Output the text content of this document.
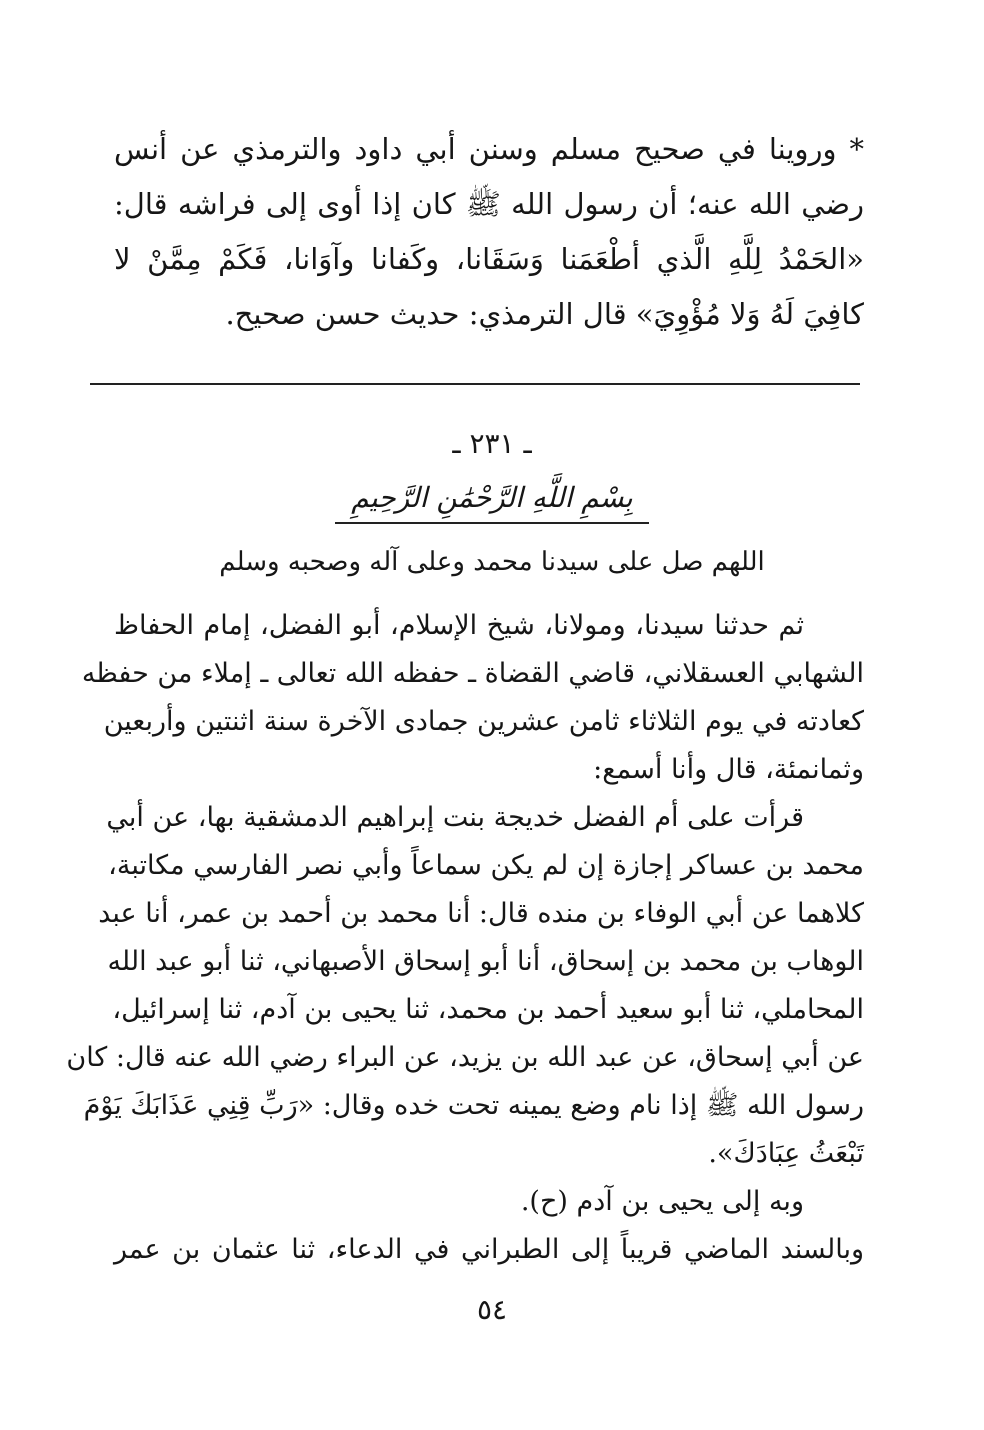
* وروينا في صحيح مسلم وسنن أبي داود والترمذي عن أنس
رضي الله عنه؛ أن رسول الله ﷺ كان إذا أوى إلى فراشه قال:
«الحَمْدُ لِلَّهِ الَّذي أطْعَمَنا وَسَقَانا، وكَفانا وآوَانا، فَكَمْ مِمَّنْ لا
كافِيَ لَهُ وَلا مُؤْوِيَ» قال الترمذي: حديث حسن صحيح.
ـ ٢٣١ ـ
بِسْمِ اللَّهِ الرَّحْمَٰنِ الرَّحِيمِ
اللهم صل على سيدنا محمد وعلى آله وصحبه وسلم
ثم حدثنا سيدنا، ومولانا، شيخ الإسلام، أبو الفضل، إمام الحفاظ
الشهابي العسقلاني، قاضي القضاة ـ حفظه الله تعالى ـ إملاء من حفظه
كعادته في يوم الثلاثاء ثامن عشرين جمادى الآخرة سنة اثنتين وأربعين
وثمانمئة، قال وأنا أسمع:
قرأت على أم الفضل خديجة بنت إبراهيم الدمشقية بها، عن أبي
محمد بن عساكر إجازة إن لم يكن سماعاً وأبي نصر الفارسي مكاتبة،
كلاهما عن أبي الوفاء بن منده قال: أنا محمد بن أحمد بن عمر، أنا عبد
الوهاب بن محمد بن إسحاق، أنا أبو إسحاق الأصبهاني، ثنا أبو عبد الله
المحاملي، ثنا أبو سعيد أحمد بن محمد، ثنا يحيى بن آدم، ثنا إسرائيل،
عن أبي إسحاق، عن عبد الله بن يزيد، عن البراء رضي الله عنه قال: كان
رسول الله ﷺ إذا نام وضع يمينه تحت خده وقال: «رَبِّ قِنِي عَذَابَكَ يَوْمَ
تَبْعَثُ عِبَادَكَ».
وبه إلى يحيى بن آدم (ح).
وبالسند الماضي قريباً إلى الطبراني في الدعاء، ثنا عثمان بن عمر
٥٤
